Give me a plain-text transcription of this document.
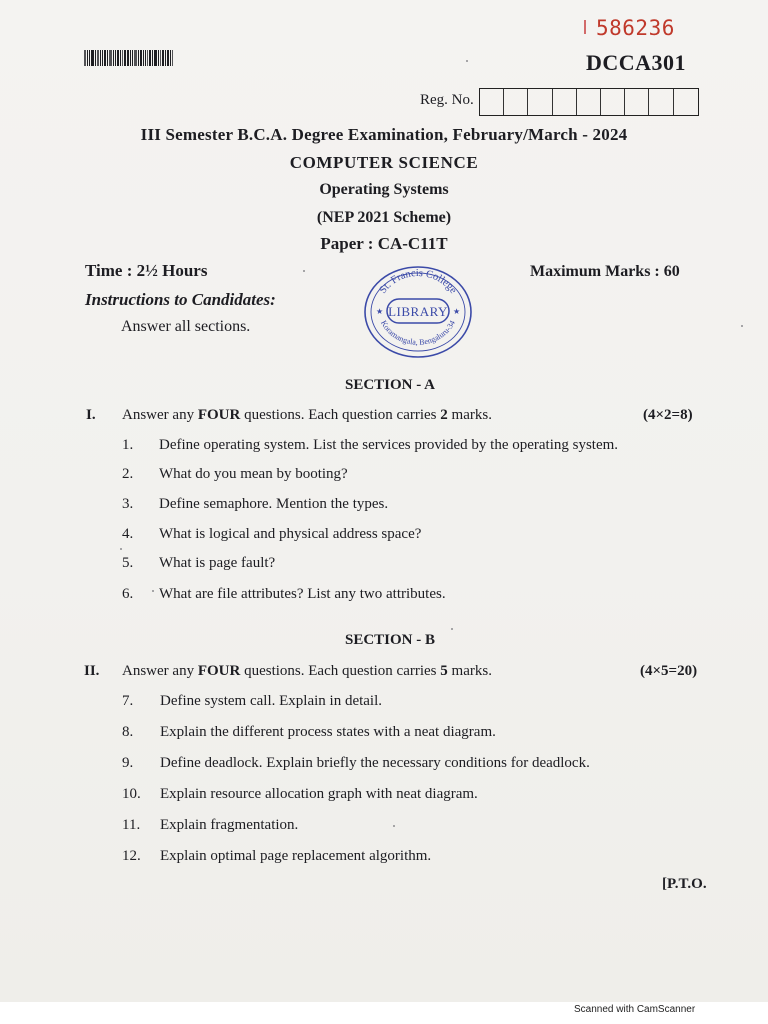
586236
DCCA301
Reg. No.
III Semester B.C.A. Degree Examination, February/March - 2024
COMPUTER SCIENCE
Operating Systems
(NEP 2021 Scheme)
Paper : CA-C11T
Time : 2½ Hours	Maximum Marks : 60
Instructions to Candidates:
Answer all sections.
St. Francis College
LIBRARY
Koramangala, Bengaluru-34
★	★
SECTION - A
SECTION - B
I. Answer any FOUR questions. Each question carries 2 marks.	(4×2=8)
1.	Define operating system. List the services provided by the operating system.
2.	What do you mean by booting?
3.	Define semaphore. Mention the types.
4.	What is logical and physical address space?
5.	What is page fault?
6.	What are file attributes? List any two attributes.
II. Answer any FOUR questions. Each question carries 5 marks.	(4×5=20)
7.	Define system call. Explain in detail.
8.	Explain the different process states with a neat diagram.
9.	Define deadlock. Explain briefly the necessary conditions for deadlock.
10.	Explain resource allocation graph with neat diagram.
11.	Explain fragmentation.
12.	Explain optimal page replacement algorithm.
[P.T.O.
Scanned with CamScanner
